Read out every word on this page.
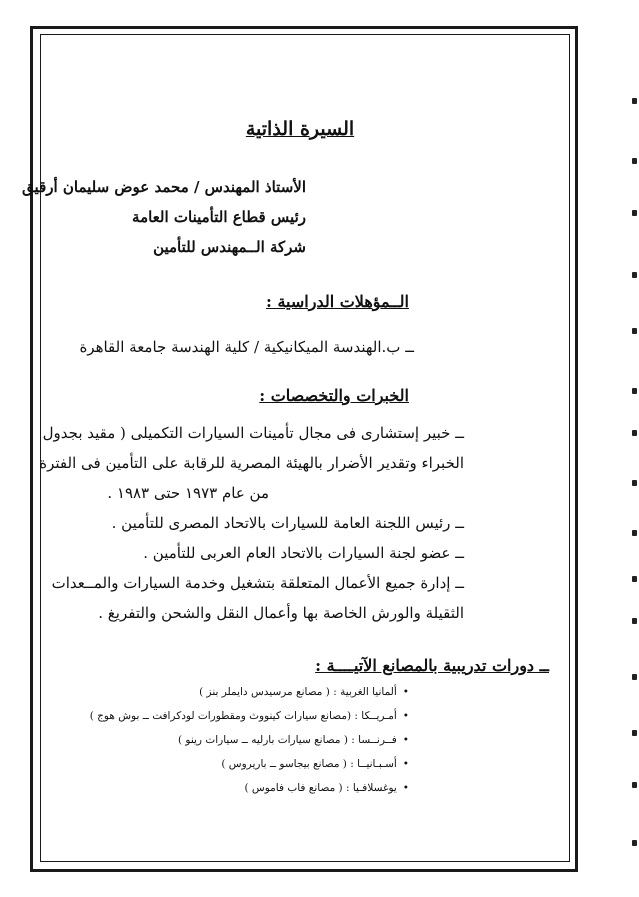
السيرة الذاتية
الأستاذ المهندس / محمد عوض سليمان أرقيق
رئيس قطاع التأمينات العامة
شركة الــمهندس للتأمين
الــمؤهلات الدراسية :
ــ ب.الهندسة الميكانيكية / كلية الهندسة جامعة القاهرة
الخبرات والتخصصات :
ــ خبير إستشارى فى مجال تأمينات السيارات التكميلى ( مقيد بجدول
الخبراء وتقدير الأضرار بالهيئة المصرية للرقابة على التأمين فى الفترة
من عام ١٩٧٣ حتى ١٩٨٣ .
ــ رئيس اللجنة العامة للسيارات بالاتحاد المصرى للتأمين .
ــ عضو لجنة السيارات بالاتحاد العام العربى للتأمين .
ــ إدارة جميع الأعمال المتعلقة بتشغيل وخدمة السيارات والمــعدات
الثقيلة والورش الخاصة بها وأعمال النقل والشحن والتفريغ .
ــ دورات تدريبية بالمصانع الآتيــــة :
• ألمانيا الغربية : ( مصانع مرسيدس دايملر بنز )
• أمـريــكا : (مصانع سيارات كينووث ومقطورات لودكرافت ــ بوش هوج )
• فــرنــسا : ( مصانع سيارات بارليه ــ سيارات رينو )
• أسـبـانيــا : ( مصانع بيجاسو ــ باريروس )
• يوغسلافـيا : ( مصانع فاب فاموس )
